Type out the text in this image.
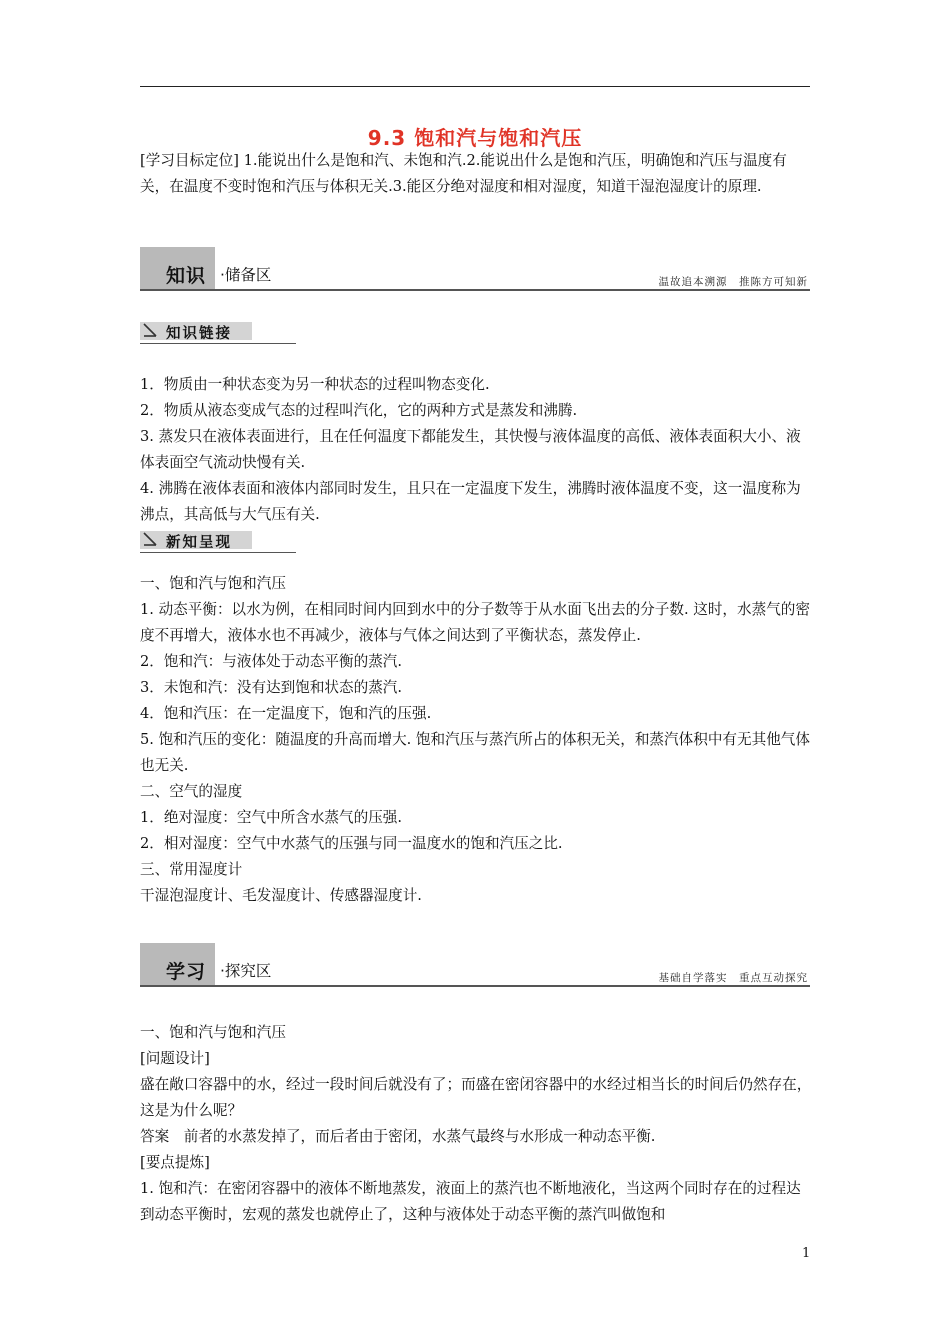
9.3 饱和汽与饱和汽压

[学习目标定位] 1.能说出什么是饱和汽、未饱和汽.2.能说出什么是饱和汽压，明确饱和汽压与温度有关，在温度不变时饱和汽压与体积无关.3.能区分绝对湿度和相对湿度，知道干湿泡湿度计的原理.

知识 ·储备区	温故追本溯源　推陈方可知新
知识链接

1．物质由一种状态变为另一种状态的过程叫物态变化.

2．物质从液态变成气态的过程叫汽化，它的两种方式是蒸发和沸腾.

3. 蒸发只在液体表面进行，且在任何温度下都能发生，其快慢与液体温度的高低、液体表面积大小、液体表面空气流动快慢有关.

4. 沸腾在液体表面和液体内部同时发生，且只在一定温度下发生，沸腾时液体温度不变，这一温度称为沸点，其高低与大气压有关.

新知呈现

一、饱和汽与饱和汽压

1. 动态平衡：以水为例，在相同时间内回到水中的分子数等于从水面飞出去的分子数. 这时，水蒸气的密度不再增大，液体水也不再减少，液体与气体之间达到了平衡状态，蒸发停止.

2．饱和汽：与液体处于动态平衡的蒸汽.

3．未饱和汽：没有达到饱和状态的蒸汽.

4．饱和汽压：在一定温度下，饱和汽的压强.

5. 饱和汽压的变化：随温度的升高而增大. 饱和汽压与蒸汽所占的体积无关，和蒸汽体积中有无其他气体也无关.

二、空气的湿度

1．绝对湿度：空气中所含水蒸气的压强.

2．相对湿度：空气中水蒸气的压强与同一温度水的饱和汽压之比.

三、常用湿度计

干湿泡湿度计、毛发湿度计、传感器湿度计.

学习 ·探究区	基础自学落实　重点互动探究

一、饱和汽与饱和汽压

[问题设计]

盛在敞口容器中的水，经过一段时间后就没有了；而盛在密闭容器中的水经过相当长的时间后仍然存在，这是为什么呢？

答案　前者的水蒸发掉了，而后者由于密闭，水蒸气最终与水形成一种动态平衡.

[要点提炼]

1. 饱和汽：在密闭容器中的液体不断地蒸发，液面上的蒸汽也不断地液化，当这两个同时存在的过程达到动态平衡时，宏观的蒸发也就停止了，这种与液体处于动态平衡的蒸汽叫做饱和

1
